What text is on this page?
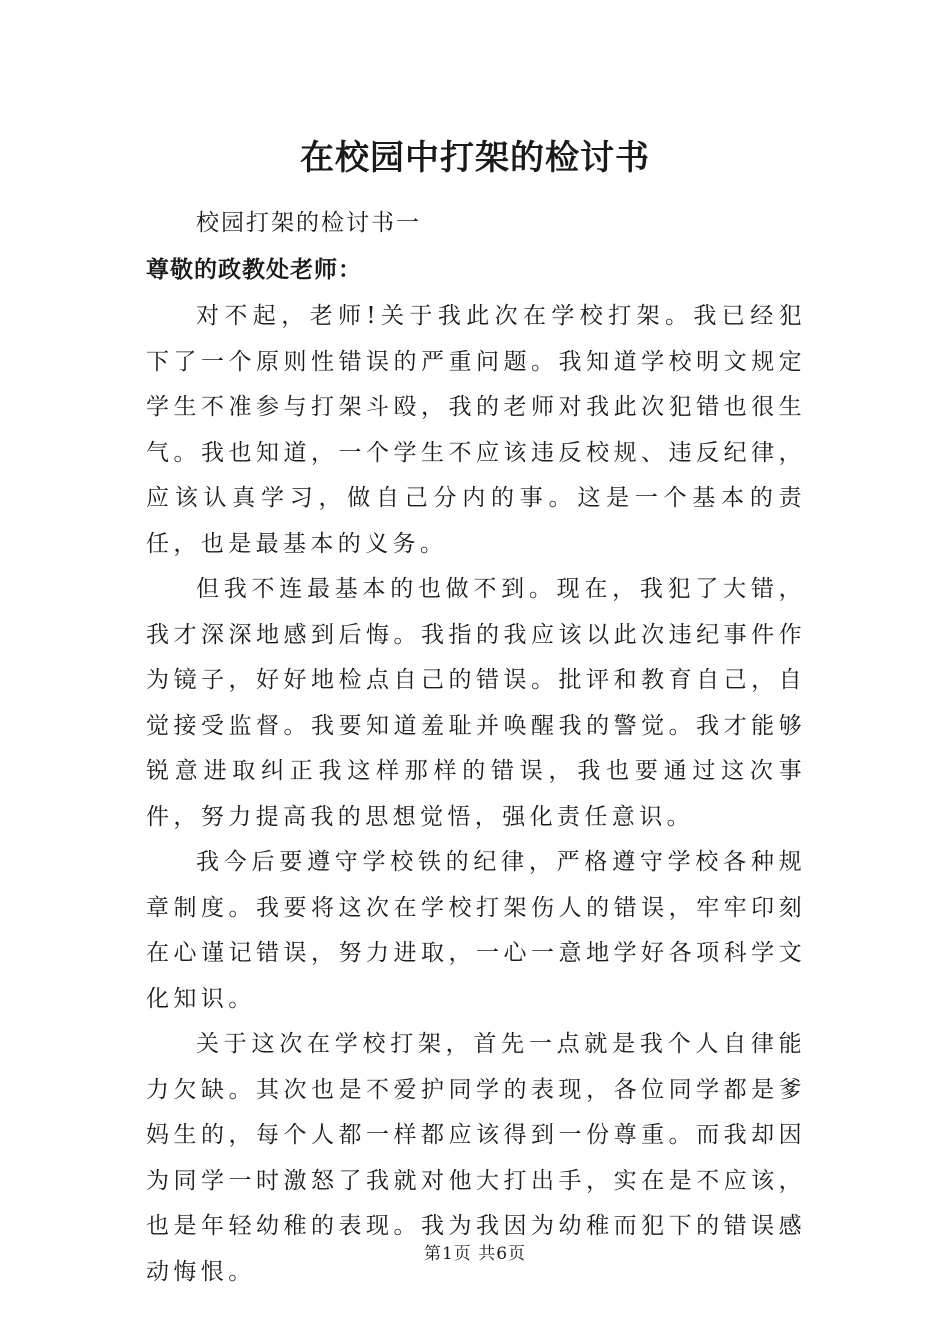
在校园中打架的检讨书
校园打架的检讨书一
尊敬的政教处老师：

对不起，老师!关于我此次在学校打架。我已经犯下了一个原则性错误的严重问题。我知道学校明文规定学生不准参与打架斗殴，我的老师对我此次犯错也很生气。我也知道，一个学生不应该违反校规、违反纪律，应该认真学习，做自己分内的事。这是一个基本的责任，也是最基本的义务。

但我不连最基本的也做不到。现在，我犯了大错，我才深深地感到后悔。我指的我应该以此次违纪事件作为镜子，好好地检点自己的错误。批评和教育自己，自觉接受监督。我要知道羞耻并唤醒我的警觉。我才能够锐意进取纠正我这样那样的错误，我也要通过这次事件，努力提高我的思想觉悟，强化责任意识。

我今后要遵守学校铁的纪律，严格遵守学校各种规章制度。我要将这次在学校打架伤人的错误，牢牢印刻在心谨记错误，努力进取，一心一意地学好各项科学文化知识。

关于这次在学校打架，首先一点就是我个人自律能力欠缺。其次也是不爱护同学的表现，各位同学都是爹妈生的，每个人都一样都应该得到一份尊重。而我却因为同学一时激怒了我就对他大打出手，实在是不应该，也是年轻幼稚的表现。我为我因为幼稚而犯下的错误感动悔恨。

第1页 共6页
